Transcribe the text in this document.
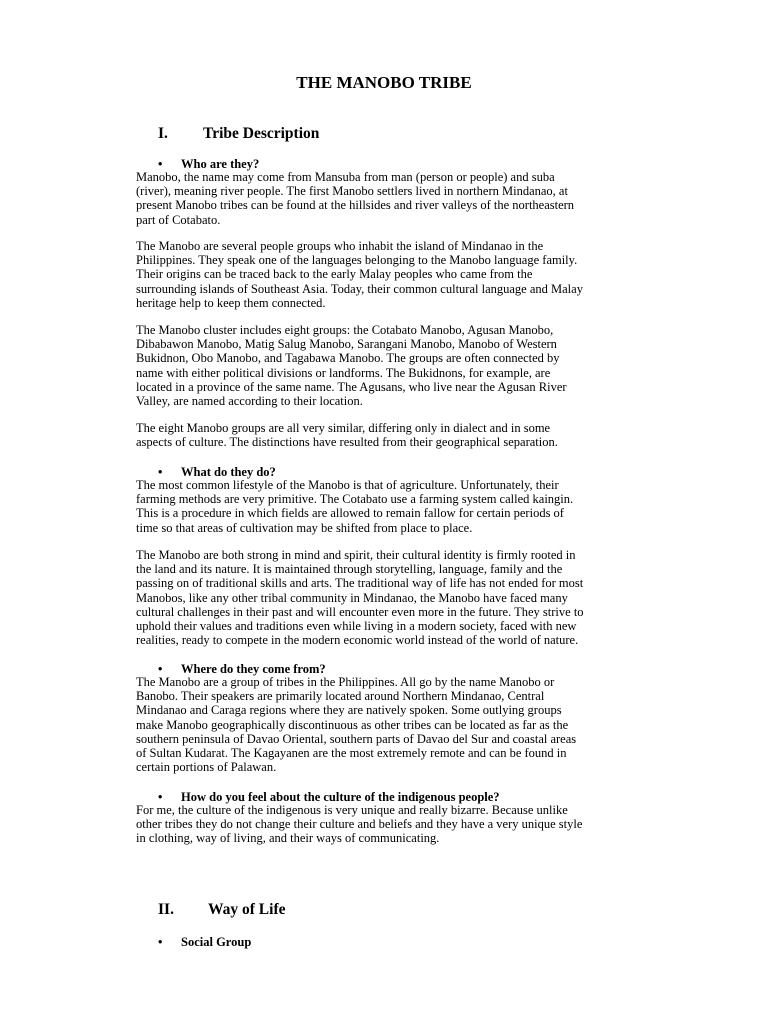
THE MANOBO TRIBE
I. Tribe Description
• Who are they?
Manobo, the name may come from Mansuba from man (person or people) and suba
(river), meaning river people. The first Manobo settlers lived in northern Mindanao, at
present Manobo tribes can be found at the hillsides and river valleys of the northeastern
part of Cotabato.
The Manobo are several people groups who inhabit the island of Mindanao in the
Philippines. They speak one of the languages belonging to the Manobo language family.
Their origins can be traced back to the early Malay peoples who came from the
surrounding islands of Southeast Asia. Today, their common cultural language and Malay
heritage help to keep them connected.
The Manobo cluster includes eight groups: the Cotabato Manobo, Agusan Manobo,
Dibabawon Manobo, Matig Salug Manobo, Sarangani Manobo, Manobo of Western
Bukidnon, Obo Manobo, and Tagabawa Manobo. The groups are often connected by
name with either political divisions or landforms. The Bukidnons, for example, are
located in a province of the same name. The Agusans, who live near the Agusan River
Valley, are named according to their location.
The eight Manobo groups are all very similar, differing only in dialect and in some
aspects of culture. The distinctions have resulted from their geographical separation.
• What do they do?
The most common lifestyle of the Manobo is that of agriculture. Unfortunately, their
farming methods are very primitive. The Cotabato use a farming system called kaingin.
This is a procedure in which fields are allowed to remain fallow for certain periods of
time so that areas of cultivation may be shifted from place to place.
The Manobo are both strong in mind and spirit, their cultural identity is firmly rooted in
the land and its nature. It is maintained through storytelling, language, family and the
passing on of traditional skills and arts. The traditional way of life has not ended for most
Manobos, like any other tribal community in Mindanao, the Manobo have faced many
cultural challenges in their past and will encounter even more in the future. They strive to
uphold their values and traditions even while living in a modern society, faced with new
realities, ready to compete in the modern economic world instead of the world of nature.
• Where do they come from?
The Manobo are a group of tribes in the Philippines. All go by the name Manobo or
Banobo. Their speakers are primarily located around Northern Mindanao, Central
Mindanao and Caraga regions where they are natively spoken. Some outlying groups
make Manobo geographically discontinuous as other tribes can be located as far as the
southern peninsula of Davao Oriental, southern parts of Davao del Sur and coastal areas
of Sultan Kudarat. The Kagayanen are the most extremely remote and can be found in
certain portions of Palawan.
• How do you feel about the culture of the indigenous people?
For me, the culture of the indigenous is very unique and really bizarre. Because unlike
other tribes they do not change their culture and beliefs and they have a very unique style
in clothing, way of living, and their ways of communicating.
II. Way of Life
• Social Group
